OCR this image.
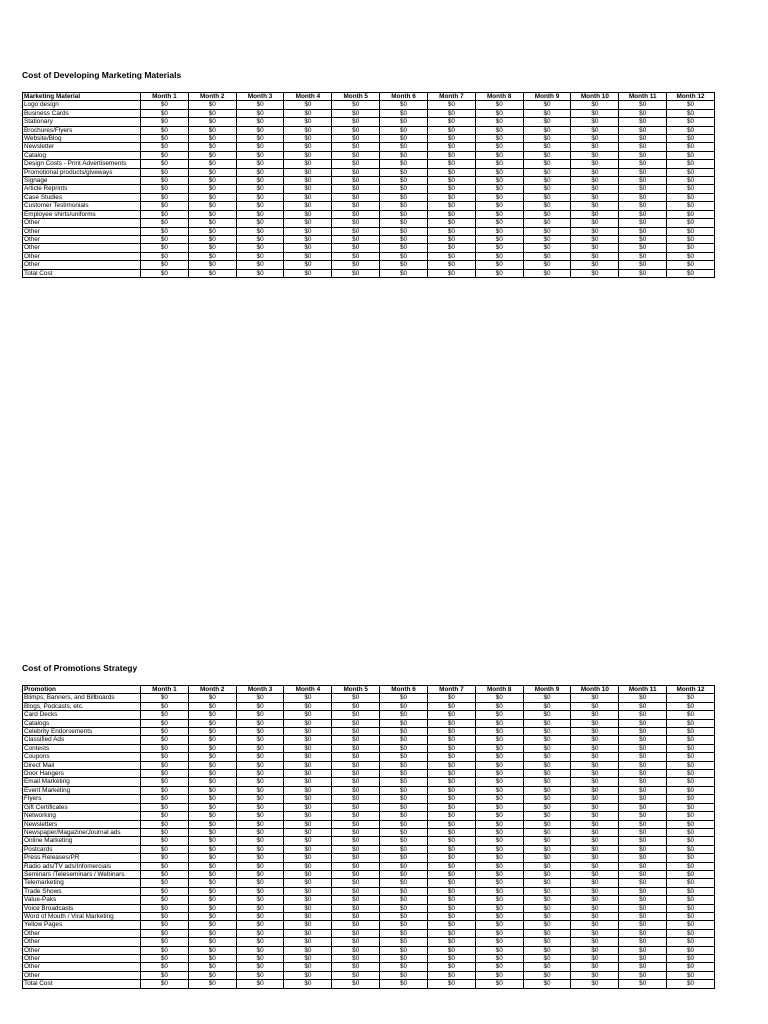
Cost of Developing Marketing Materials
Marketing Material	Month 1	Month 2	Month 3	Month 4	Month 5	Month 6	Month 7	Month 8	Month 9	Month 10	Month 11	Month 12
Logo design	$0	$0	$0	$0	$0	$0	$0	$0	$0	$0	$0	$0
Business Cards	$0	$0	$0	$0	$0	$0	$0	$0	$0	$0	$0	$0
Stationary	$0	$0	$0	$0	$0	$0	$0	$0	$0	$0	$0	$0
Brochures/Flyers	$0	$0	$0	$0	$0	$0	$0	$0	$0	$0	$0	$0
Website/Blog	$0	$0	$0	$0	$0	$0	$0	$0	$0	$0	$0	$0
Newsletter	$0	$0	$0	$0	$0	$0	$0	$0	$0	$0	$0	$0
Catalog	$0	$0	$0	$0	$0	$0	$0	$0	$0	$0	$0	$0
Design Costs - Print Advertisements	$0	$0	$0	$0	$0	$0	$0	$0	$0	$0	$0	$0
Promotional products/giveways	$0	$0	$0	$0	$0	$0	$0	$0	$0	$0	$0	$0
Signage	$0	$0	$0	$0	$0	$0	$0	$0	$0	$0	$0	$0
Article Reprints	$0	$0	$0	$0	$0	$0	$0	$0	$0	$0	$0	$0
Case Studies	$0	$0	$0	$0	$0	$0	$0	$0	$0	$0	$0	$0
Customer Testimonials	$0	$0	$0	$0	$0	$0	$0	$0	$0	$0	$0	$0
Employee shirts/uniforms	$0	$0	$0	$0	$0	$0	$0	$0	$0	$0	$0	$0
Other	$0	$0	$0	$0	$0	$0	$0	$0	$0	$0	$0	$0
Other	$0	$0	$0	$0	$0	$0	$0	$0	$0	$0	$0	$0
Other	$0	$0	$0	$0	$0	$0	$0	$0	$0	$0	$0	$0
Other	$0	$0	$0	$0	$0	$0	$0	$0	$0	$0	$0	$0
Other	$0	$0	$0	$0	$0	$0	$0	$0	$0	$0	$0	$0
Other	$0	$0	$0	$0	$0	$0	$0	$0	$0	$0	$0	$0
Total Cost	$0	$0	$0	$0	$0	$0	$0	$0	$0	$0	$0	$0
Cost of Promotions Strategy
Promotion	Month 1	Month 2	Month 3	Month 4	Month 5	Month 6	Month 7	Month 8	Month 9	Month 10	Month 11	Month 12
Blimps, Banners, and Billboards	$0	$0	$0	$0	$0	$0	$0	$0	$0	$0	$0	$0
Blogs, Podcasts, etc.	$0	$0	$0	$0	$0	$0	$0	$0	$0	$0	$0	$0
Card Decks	$0	$0	$0	$0	$0	$0	$0	$0	$0	$0	$0	$0
Catalogs	$0	$0	$0	$0	$0	$0	$0	$0	$0	$0	$0	$0
Celebrity Endorsements	$0	$0	$0	$0	$0	$0	$0	$0	$0	$0	$0	$0
Classified Ads	$0	$0	$0	$0	$0	$0	$0	$0	$0	$0	$0	$0
Contests	$0	$0	$0	$0	$0	$0	$0	$0	$0	$0	$0	$0
Coupons	$0	$0	$0	$0	$0	$0	$0	$0	$0	$0	$0	$0
Direct Mail	$0	$0	$0	$0	$0	$0	$0	$0	$0	$0	$0	$0
Door Hangers	$0	$0	$0	$0	$0	$0	$0	$0	$0	$0	$0	$0
Email Marketing	$0	$0	$0	$0	$0	$0	$0	$0	$0	$0	$0	$0
Event Marketing	$0	$0	$0	$0	$0	$0	$0	$0	$0	$0	$0	$0
Flyers	$0	$0	$0	$0	$0	$0	$0	$0	$0	$0	$0	$0
Gift Certificates	$0	$0	$0	$0	$0	$0	$0	$0	$0	$0	$0	$0
Networking	$0	$0	$0	$0	$0	$0	$0	$0	$0	$0	$0	$0
Newsletters	$0	$0	$0	$0	$0	$0	$0	$0	$0	$0	$0	$0
Newspaper/Magazine/Journal ads	$0	$0	$0	$0	$0	$0	$0	$0	$0	$0	$0	$0
Online Marketing	$0	$0	$0	$0	$0	$0	$0	$0	$0	$0	$0	$0
Postcards	$0	$0	$0	$0	$0	$0	$0	$0	$0	$0	$0	$0
Press Releases/PR	$0	$0	$0	$0	$0	$0	$0	$0	$0	$0	$0	$0
Radio ads/TV ads/Infomercials	$0	$0	$0	$0	$0	$0	$0	$0	$0	$0	$0	$0
Seminars /Teleseminars / Webinars	$0	$0	$0	$0	$0	$0	$0	$0	$0	$0	$0	$0
Telemarketing	$0	$0	$0	$0	$0	$0	$0	$0	$0	$0	$0	$0
Trade Shows	$0	$0	$0	$0	$0	$0	$0	$0	$0	$0	$0	$0
Value-Paks	$0	$0	$0	$0	$0	$0	$0	$0	$0	$0	$0	$0
Voice Broadcasts	$0	$0	$0	$0	$0	$0	$0	$0	$0	$0	$0	$0
Word of Mouth / Viral Marketing	$0	$0	$0	$0	$0	$0	$0	$0	$0	$0	$0	$0
Yellow Pages	$0	$0	$0	$0	$0	$0	$0	$0	$0	$0	$0	$0
Other	$0	$0	$0	$0	$0	$0	$0	$0	$0	$0	$0	$0
Other	$0	$0	$0	$0	$0	$0	$0	$0	$0	$0	$0	$0
Other	$0	$0	$0	$0	$0	$0	$0	$0	$0	$0	$0	$0
Other	$0	$0	$0	$0	$0	$0	$0	$0	$0	$0	$0	$0
Other	$0	$0	$0	$0	$0	$0	$0	$0	$0	$0	$0	$0
Other	$0	$0	$0	$0	$0	$0	$0	$0	$0	$0	$0	$0
Total Cost	$0	$0	$0	$0	$0	$0	$0	$0	$0	$0	$0	$0
